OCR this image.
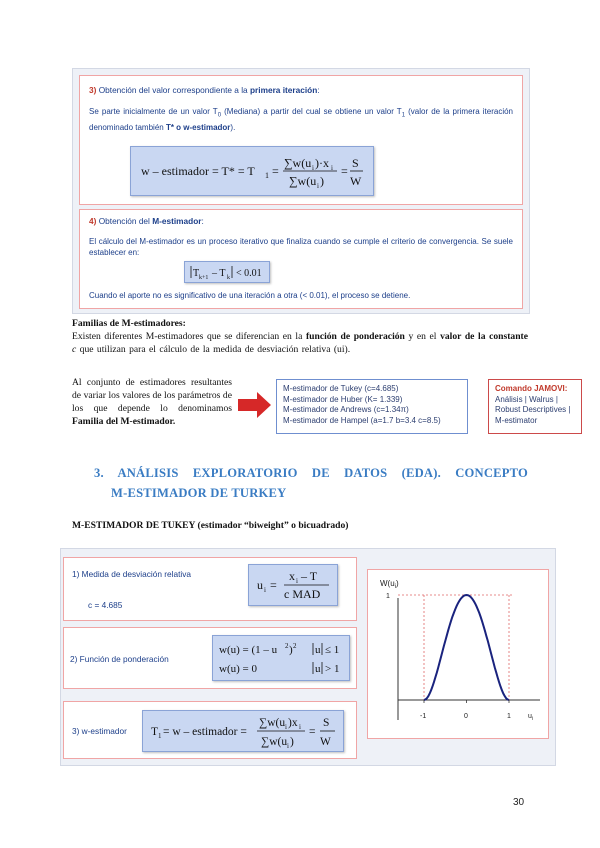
3) Obtención del valor correspondiente a la primera iteración:
Se parte inicialmente de un valor $T_0$ (Mediana) a partir del cual se obtiene un valor $T_1$ (valor de la primera iteración denominado también T* o w-estimador).
w – estimador = T* = T 1 =
∑w(u i )·x i
∑w(u i )
=
S
W
4) Obtención del M-estimador:
El cálculo del M-estimador es un proceso iterativo que finaliza cuando se cumple el criterio de convergencia. Se suele establecer en:
T k+1 – T k < 0.01
Cuando el aporte no es significativo de una iteración a otra (< 0.01), el proceso se detiene.
Familias de M-estimadores:
Existen diferentes M-estimadores que se diferencian en la función de ponderación y en el valor de la constante c que utilizan para el cálculo de la medida de desviación relativa (ui).
Al conjunto de estimadores resultantes de variar los valores de los parámetros de los que depende lo denominamos Familia del M-estimador.
M-estimador de Tukey (c=4.685)
M-estimador de Huber (K= 1.339)
M-estimador de Andrews (c=1.34π)
M-estimador de Hampel (a=1.7 b=3.4 c=8.5)
Comando JAMOVI:
Análisis | Walrus |
Robust Descriptives |
M-estimator
3. ANÁLISIS EXPLORATORIO DE DATOS (EDA). CONCEPTO
M-ESTIMADOR DE TURKEY
M-ESTIMADOR DE TUKEY (estimador “biweight” o bicuadrado)
1) Medida de desviación relativa
c = 4.685
u i =
x i – T
c MAD
2) Función de ponderación
w(u) = (1 – u 2 ) 2 u ≤ 1
w(u) = 0	u > 1
3) w-estimador T 1 = w – estimador =
∑w(u i )x i
∑w(u i )
=
S
W
$W(u_i)$
1
-1	0	1 $u_i$
30
